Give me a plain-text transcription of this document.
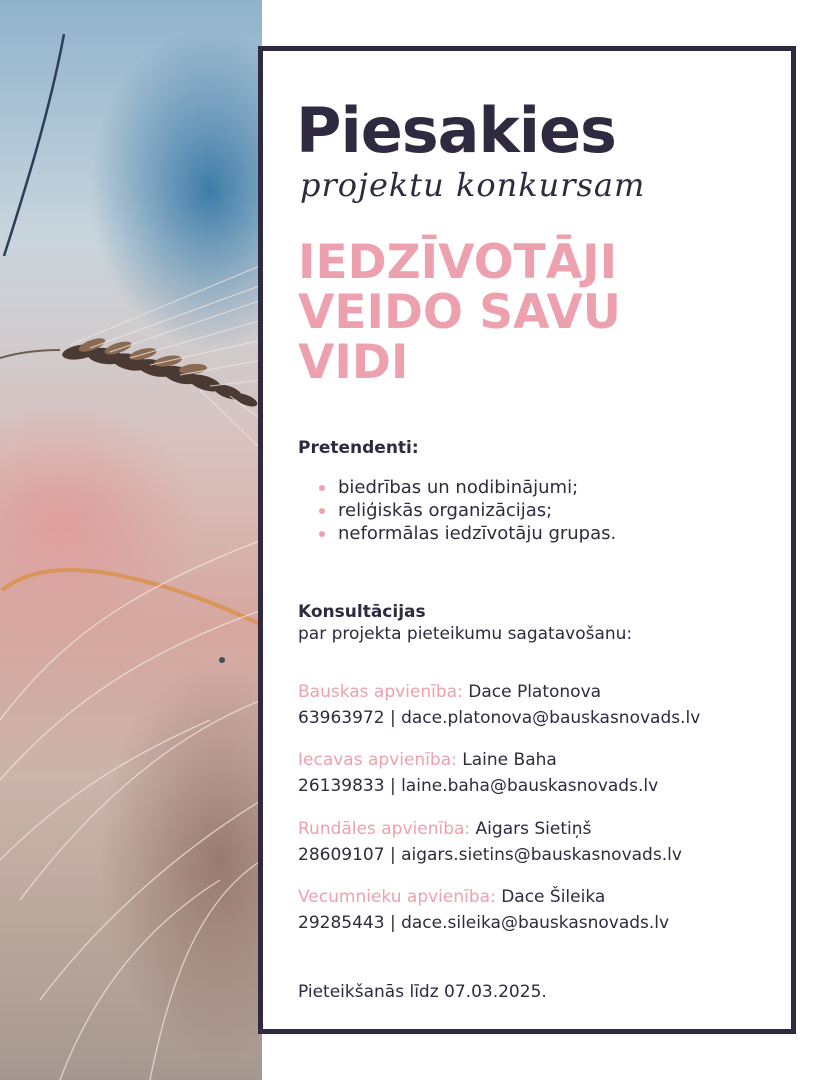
Piesakies
projektu konkursam
IEDZĪVOTĀJI
VEIDO SAVU
VIDI
Pretendenti:
biedrības un nodibinājumi;
reliģiskās organizācijas;
neformālas iedzīvotāju grupas.
Konsultācijas
par projekta pieteikumu sagatavošanu:
Bauskas apvienība: Dace Platonova
63963972 | dace.platonova@bauskasnovads.lv
Iecavas apvienība: Laine Baha
26139833 | laine.baha@bauskasnovads.lv
Rundāles apvienība: Aigars Sietiņš
28609107 | aigars.sietins@bauskasnovads.lv
Vecumnieku apvienība: Dace Šileika
29285443 | dace.sileika@bauskasnovads.lv
Pieteikšanās līdz 07.03.2025.
